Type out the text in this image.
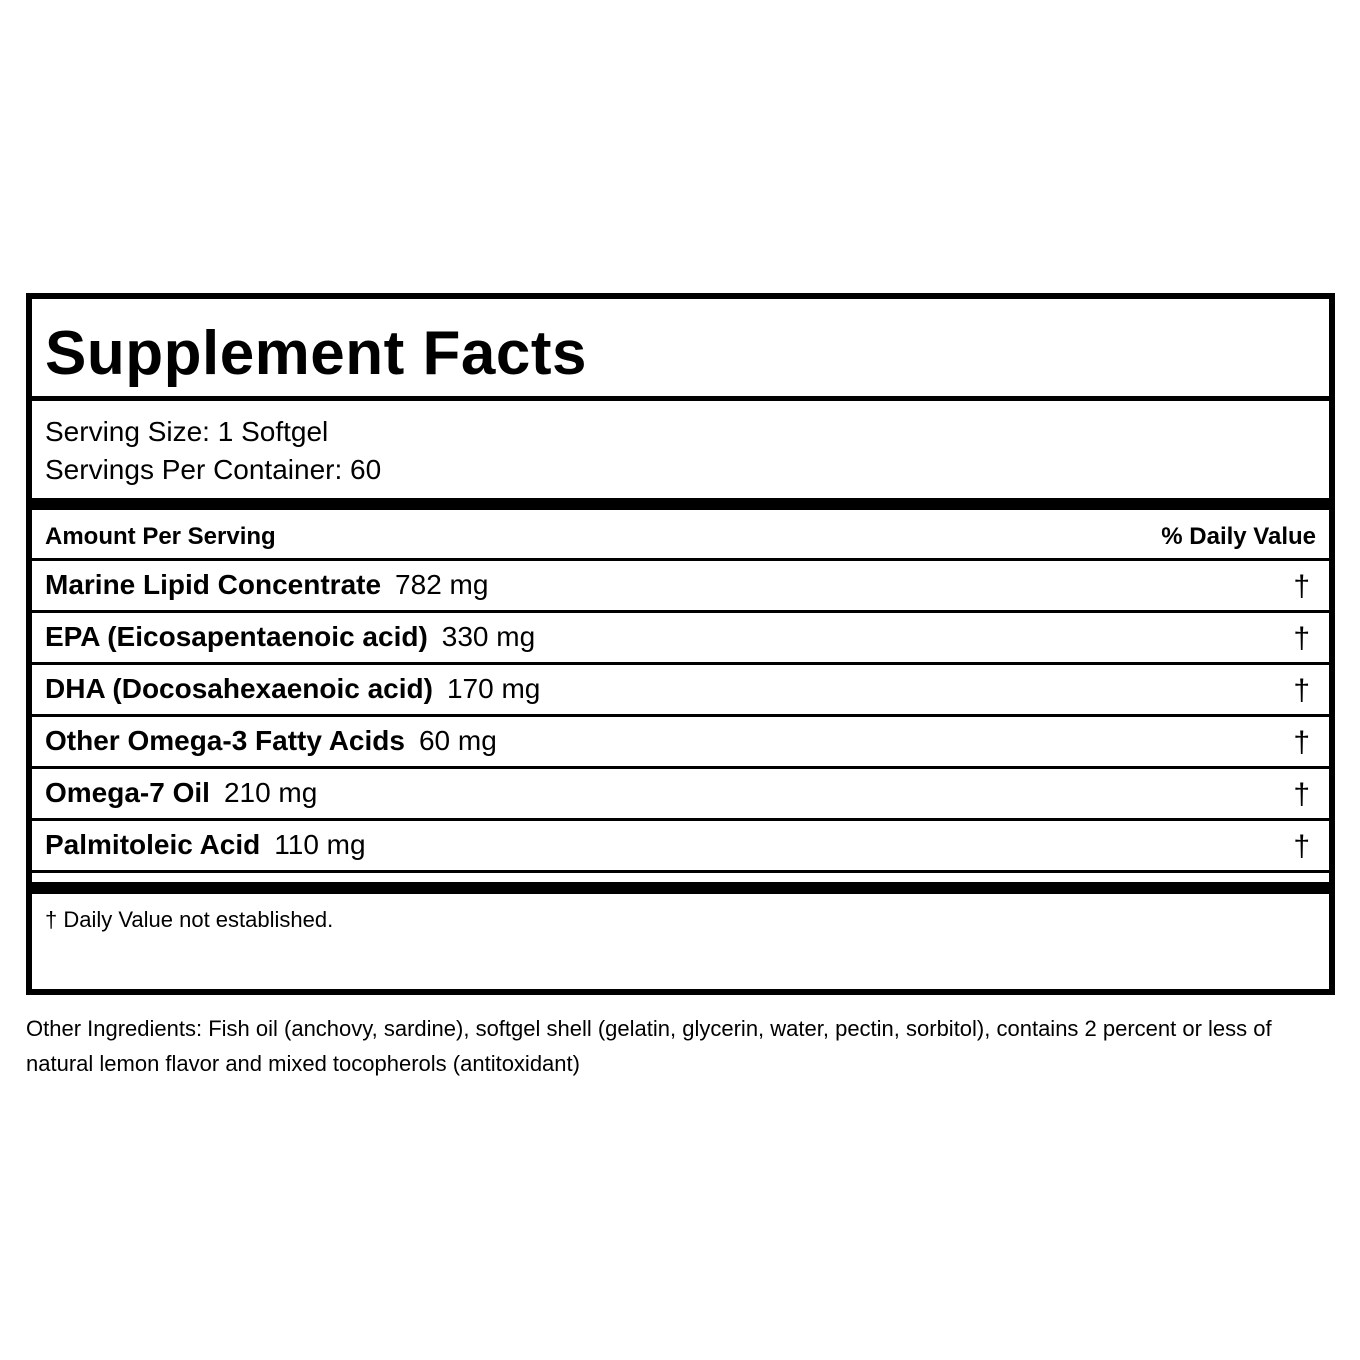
Supplement Facts
Serving Size: 1 Softgel
Servings Per Container: 60
Amount Per Serving	% Daily Value
Marine Lipid Concentrate 782 mg	†
EPA (Eicosapentaenoic acid) 330 mg	†
DHA (Docosahexaenoic acid) 170 mg	†
Other Omega-3 Fatty Acids 60 mg	†
Omega-7 Oil 210 mg	†
Palmitoleic Acid 110 mg	†
† Daily Value not established.

Other Ingredients: Fish oil (anchovy, sardine), softgel shell (gelatin, glycerin, water, pectin, sorbitol), contains 2 percent or less of natural lemon flavor and mixed tocopherols (antitoxidant)
